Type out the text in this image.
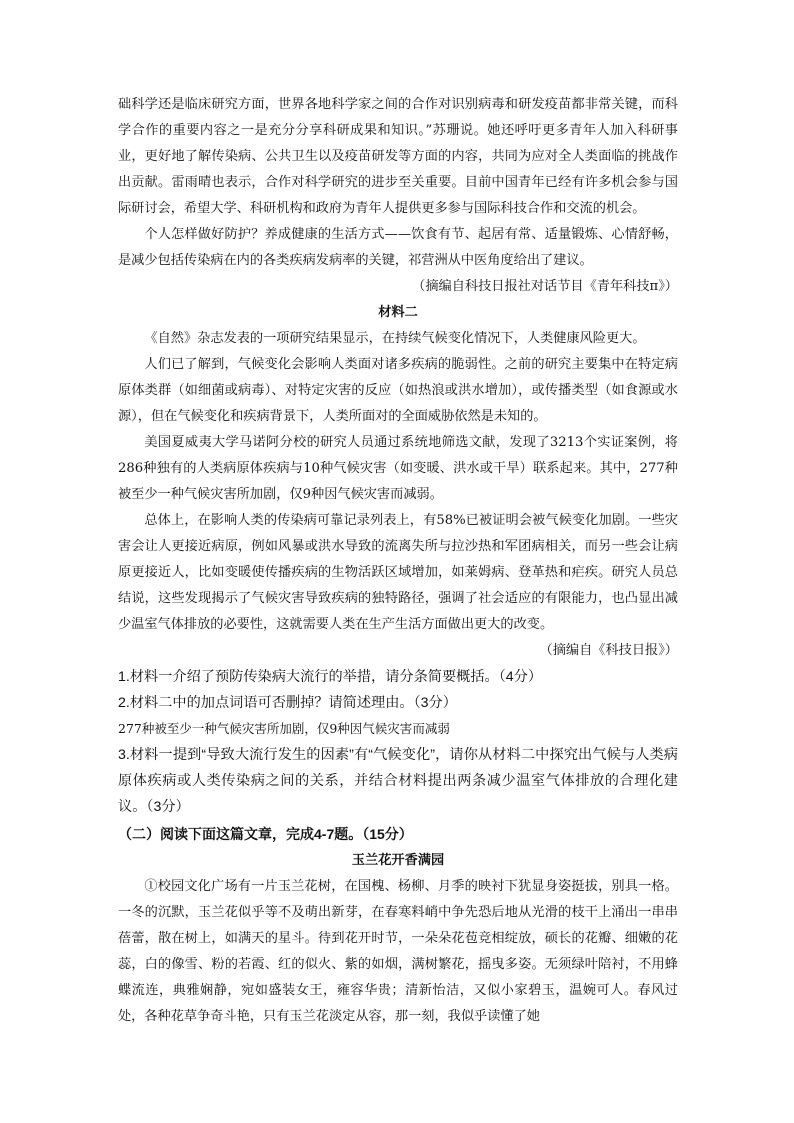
础科学还是临床研究方面，世界各地科学家之间的合作对识别病毒和研发疫苗都非常关键，而科学合作的重要内容之一是充分分享科研成果和知识。”苏珊说。她还呼吁更多青年人加入科研事业，更好地了解传染病、公共卫生以及疫苗研发等方面的内容，共同为应对全人类面临的挑战作出贡献。雷雨晴也表示，合作对科学研究的进步至关重要。目前中国青年已经有许多机会参与国际研讨会，希望大学、科研机构和政府为青年人提供更多参与国际科技合作和交流的机会。

个人怎样做好防护？养成健康的生活方式——饮食有节、起居有常、适量锻炼、心情舒畅，是减少包括传染病在内的各类疾病发病率的关键，祁营洲从中医角度给出了建议。

（摘编自科技日报社对话节目《青年科技π》）

材料二

《自然》杂志发表的一项研究结果显示，在持续气候变化情况下，人类健康风险更大。

人们已了解到，气候变化会影响人类面对诸多疾病的脆弱性。之前的研究主要集中在特定病原体类群（如细菌或病毒）、对特定灾害的反应（如热浪或洪水增加），或传播类型（如食源或水源），但在气候变化和疾病背景下，人类所面对的全面威胁依然是未知的。

美国夏威夷大学马诺阿分校的研究人员通过系统地筛选文献，发现了3213个实证案例，将286种独有的人类病原体疾病与10种气候灾害（如变暖、洪水或干旱）联系起来。其中，277种被至少一种气候灾害所加剧，仅9种因气候灾害而减弱。

总体上，在影响人类的传染病可靠记录列表上，有58%已被证明会被气候变化加剧。一些灾害会让人更接近病原，例如风暴或洪水导致的流离失所与拉沙热和军团病相关，而另一些会让病原更接近人，比如变暖使传播疾病的生物活跃区域增加，如莱姆病、登革热和疟疾。研究人员总结说，这些发现揭示了气候灾害导致疾病的独特路径，强调了社会适应的有限能力，也凸显出减少温室气体排放的必要性，这就需要人类在生产生活方面做出更大的改变。

（摘编自《科技日报》）

1.材料一介绍了预防传染病大流行的举措，请分条简要概括。（4分）

2.材料二中的加点词语可否删掉？请简述理由。（3分）

277种被至少一种气候灾害所加剧，仅9种因气候灾害而减弱

3.材料一提到“导致大流行发生的因素”有“气候变化”，请你从材料二中探究出气候与人类病原体疾病或人类传染病之间的关系，并结合材料提出两条减少温室气体排放的合理化建议。（3分）

（二）阅读下面这篇文章，完成4-7题。（15分）

玉兰花开香满园

①校园文化广场有一片玉兰花树，在国槐、杨柳、月季的映衬下犹显身姿挺拔，别具一格。一冬的沉默，玉兰花似乎等不及萌出新芽，在春寒料峭中争先恐后地从光滑的枝干上涌出一串串蓓蕾，散在树上，如满天的星斗。待到花开时节，一朵朵花苞竞相绽放，硕长的花瓣、细嫩的花蕊，白的像雪、粉的若霞、红的似火、紫的如烟，满树繁花，摇曳多姿。无须绿叶陪衬，不用蜂蝶流连，典雅娴静，宛如盛装女王，雍容华贵；清新怡洁，又似小家碧玉，温婉可人。春风过处，各种花草争奇斗艳，只有玉兰花淡定从容，那一刻，我似乎读懂了她
